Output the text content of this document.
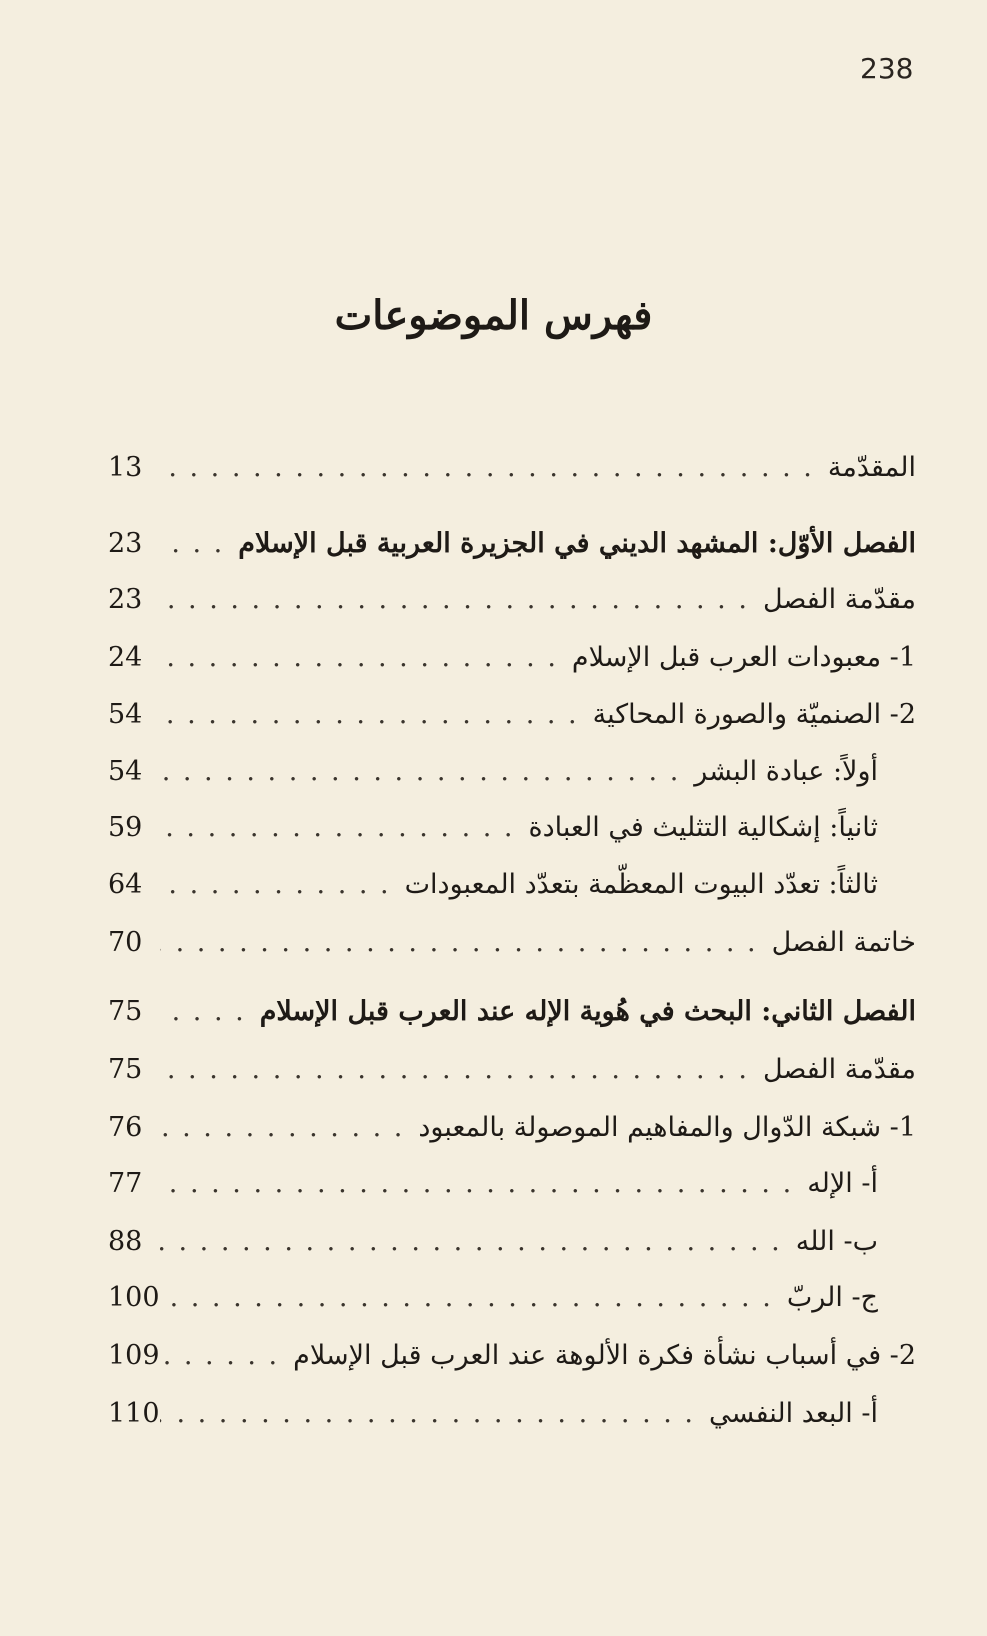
238
فهرس الموضوعات
المقدّمة
. . .
13
الفصل الأوّل: المشهد الديني في الجزيرة العربية قبل الإسلام
. . .
23
مقدّمة الفصل
. . .
23
1- معبودات العرب قبل الإسلام
. . .
24
2- الصنميّة والصورة المحاكية
. . .
54
أولاً: عبادة البشر
. . .
54
ثانياً: إشكالية التثليث في العبادة
. . .
59
ثالثاً: تعدّد البيوت المعظّمة بتعدّد المعبودات
. . .
64
خاتمة الفصل
. . .
70
الفصل الثاني: البحث في هُوية الإله عند العرب قبل الإسلام
. . .
75
مقدّمة الفصل
. . .
75
1- شبكة الدّوال والمفاهيم الموصولة بالمعبود
. . .
76
أ- الإله
. . .
77
ب- الله
. . .
88
ج- الربّ
. . .
100
2- في أسباب نشأة فكرة الألوهة عند العرب قبل الإسلام
. . .
109
أ- البعد النفسي
. . .
110
